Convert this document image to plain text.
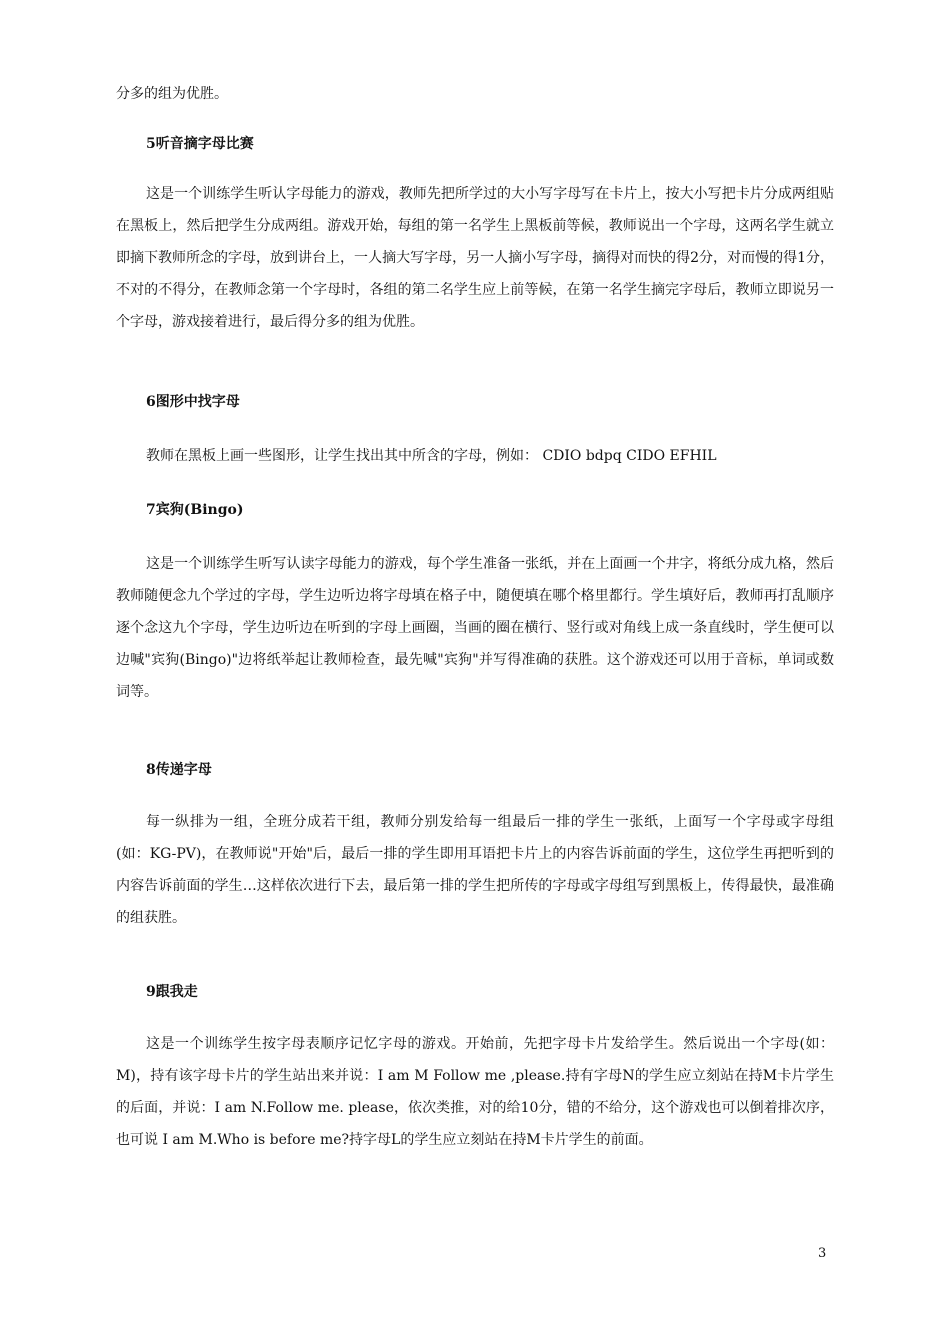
分多的组为优胜。

5听音摘字母比赛

这是一个训练学生听认字母能力的游戏，教师先把所学过的大小写字母写在卡片上，按大小写把卡片分成两组贴在黑板上，然后把学生分成两组。游戏开始，每组的第一名学生上黑板前等候，教师说出一个字母，这两名学生就立即摘下教师所念的字母，放到讲台上，一人摘大写字母，另一人摘小写字母，摘得对而快的得2分，对而慢的得1分，不对的不得分，在教师念第一个字母时，各组的第二名学生应上前等候，在第一名学生摘完字母后，教师立即说另一个字母，游戏接着进行，最后得分多的组为优胜。

6图形中找字母

教师在黑板上画一些图形，让学生找出其中所含的字母，例如： CDIO bdpq CIDO EFHIL

7宾狗(Bingo)

这是一个训练学生听写认读字母能力的游戏，每个学生准备一张纸，并在上面画一个井字，将纸分成九格，然后教师随便念九个学过的字母，学生边听边将字母填在格子中，随便填在哪个格里都行。学生填好后，教师再打乱顺序逐个念这九个字母，学生边听边在听到的字母上画圈，当画的圈在横行、竖行或对角线上成一条直线时，学生便可以边喊"宾狗(Bingo)"边将纸举起让教师检查，最先喊"宾狗"并写得准确的获胜。这个游戏还可以用于音标，单词或数词等。

8传递字母

每一纵排为一组，全班分成若干组，教师分别发给每一组最后一排的学生一张纸，上面写一个字母或字母组(如：KG-PV)，在教师说"开始"后，最后一排的学生即用耳语把卡片上的内容告诉前面的学生，这位学生再把听到的内容告诉前面的学生…这样依次进行下去，最后第一排的学生把所传的字母或字母组写到黑板上，传得最快，最准确的组获胜。

9跟我走

这是一个训练学生按字母表顺序记忆字母的游戏。开始前，先把字母卡片发给学生。然后说出一个字母(如：M)，持有该字母卡片的学生站出来并说：I am M Follow me ,please.持有字母N的学生应立刻站在持M卡片学生的后面，并说：I am N.Follow me. please，依次类推，对的给10分，错的不给分，这个游戏也可以倒着排次序，也可说 I am M.Who is before me?持字母L的学生应立刻站在持M卡片学生的前面。

3
